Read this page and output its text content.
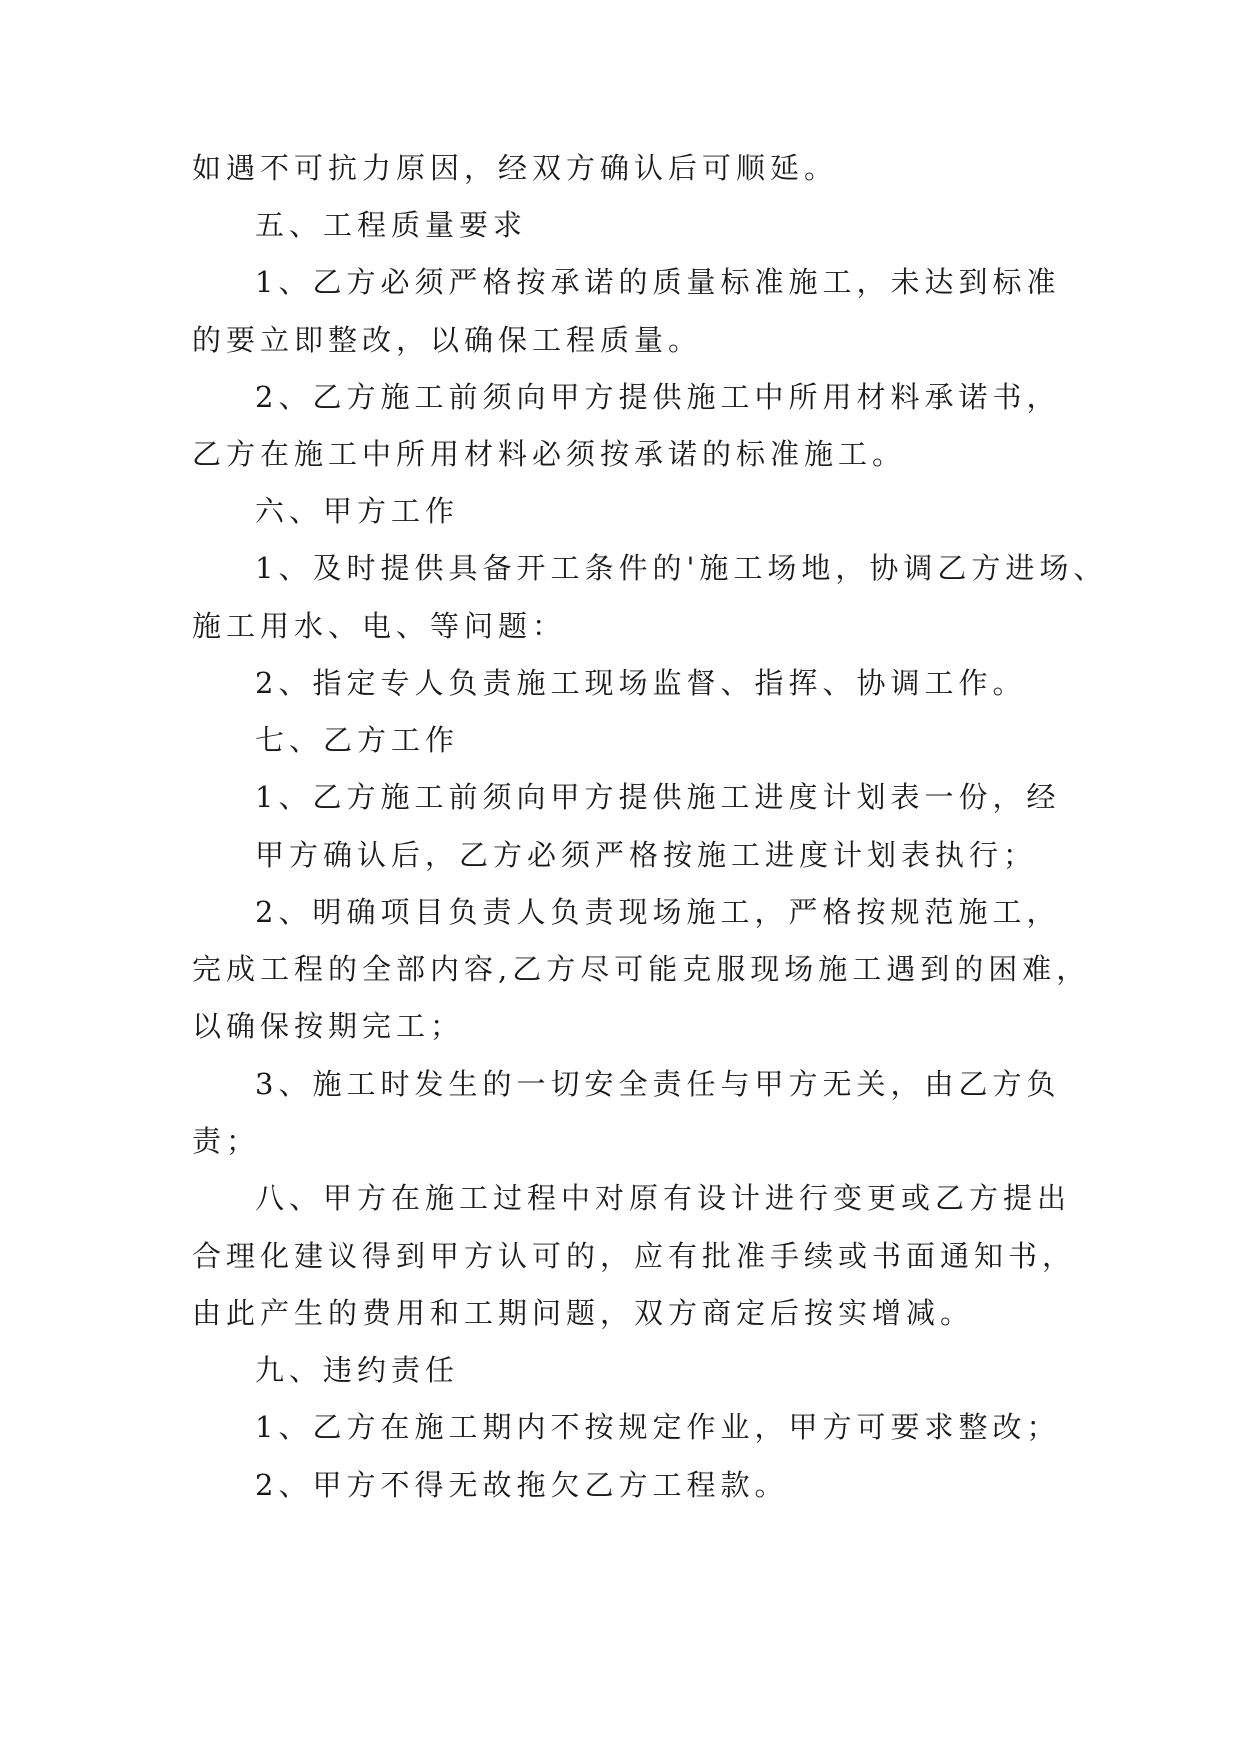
如遇不可抗力原因，经双方确认后可顺延。
五、工程质量要求
1、乙方必须严格按承诺的质量标准施工，未达到标准
的要立即整改，以确保工程质量。
2、乙方施工前须向甲方提供施工中所用材料承诺书，
乙方在施工中所用材料必须按承诺的标准施工。
六、甲方工作
1、及时提供具备开工条件的'施工场地，协调乙方进场、
施工用水、电、等问题：
2、指定专人负责施工现场监督、指挥、协调工作。
七、乙方工作
1、乙方施工前须向甲方提供施工进度计划表一份，经
甲方确认后，乙方必须严格按施工进度计划表执行；
2、明确项目负责人负责现场施工，严格按规范施工，
完成工程的全部内容,乙方尽可能克服现场施工遇到的困难，
以确保按期完工；
3、施工时发生的一切安全责任与甲方无关，由乙方负
责；
八、甲方在施工过程中对原有设计进行变更或乙方提出
合理化建议得到甲方认可的，应有批准手续或书面通知书，
由此产生的费用和工期问题，双方商定后按实增减。
九、违约责任
1、乙方在施工期内不按规定作业，甲方可要求整改；
2、甲方不得无故拖欠乙方工程款。
